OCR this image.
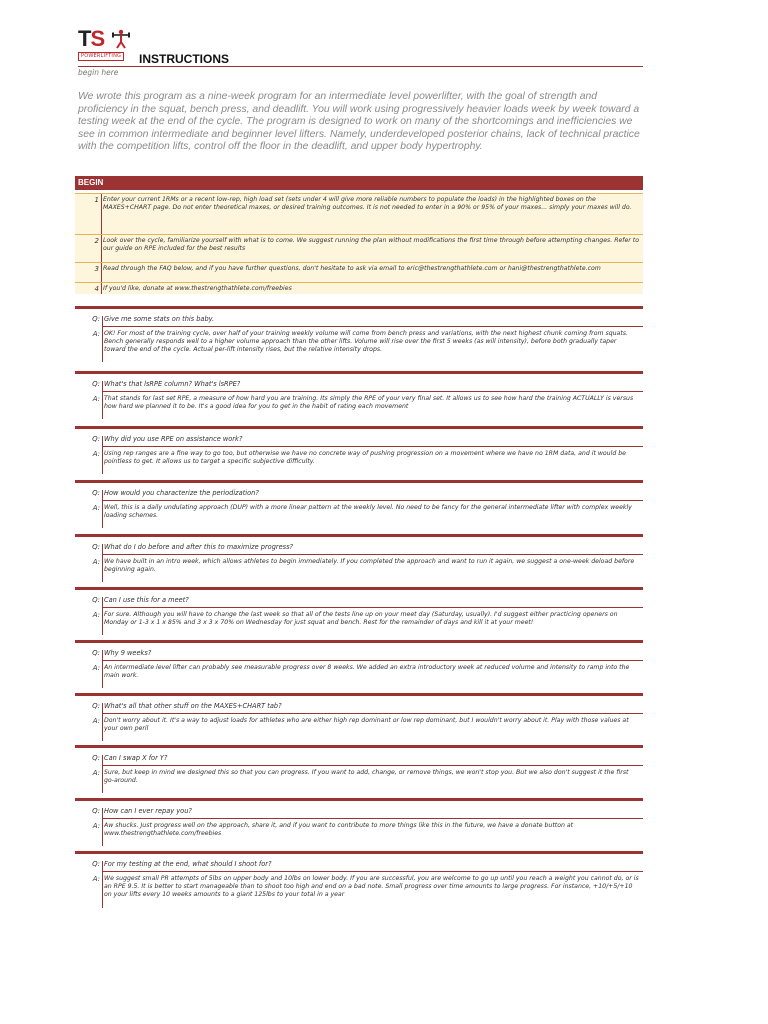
TS
POWERLIFTING INSTRUCTIONS
begin here
We wrote this program as a nine-week program for an intermediate level powerlifter, with the goal of strength and proficiency in the squat, bench press, and deadlift. You will work using progressively heavier loads week by week toward a testing week at the end of the cycle. The program is designed to work on many of the shortcomings and inefficiencies we see in common intermediate and beginner level lifters. Namely, underdeveloped posterior chains, lack of technical practice with the competition lifts, control off the floor in the deadlift, and upper body hypertrophy.
BEGIN
1 Enter your current 1RMs or a recent low-rep, high load set (sets under 4 will give more reliable numbers to populate the loads) in the highlighted boxes on the MAXES+CHART page. Do not enter theoretical maxes, or desired training outcomes. It is not needed to enter in a 90% or 95% of your maxes... simply your maxes will do.
2 Look over the cycle, familiarize yourself with what is to come. We suggest running the plan without modifications the first time through before attempting changes. Refer to our guide on RPE included for the best results
3 Read through the FAQ below, and if you have further questions, don't hesitate to ask via email to eric@thestrengthathlete.com or hani@thestrengthathlete.com
4 If you'd like, donate at www.thestrengthathlete.com/freebies
Q: Give me some stats on this baby.
A: OK! For most of the training cycle, over half of your training weekly volume will come from bench press and variations, with the next highest chunk coming from squats. Bench generally responds well to a higher volume approach than the other lifts. Volume will rise over the first 5 weeks (as will intensity), before both gradually taper toward the end of the cycle. Actual per-lift intensity rises, but the relative intensity drops.
Q: What's that lsRPE column? What's lsRPE?
A: That stands for last set RPE, a measure of how hard you are training. Its simply the RPE of your very final set. It allows us to see how hard the training ACTUALLY is versus how hard we planned it to be. It's a good idea for you to get in the habit of rating each movement
Q: Why did you use RPE on assistance work?
A: Using rep ranges are a fine way to go too, but otherwise we have no concrete way of pushing progression on a movement where we have no 1RM data, and it would be pointless to get. It allows us to target a specific subjective difficulty.
Q: How would you characterize the periodization?
A: Well, this is a daily undulating approach (DUP) with a more linear pattern at the weekly level. No need to be fancy for the general intermediate lifter with complex weekly loading schemes.
Q: What do I do before and after this to maximize progress?
A: We have built in an intro week, which allows athletes to begin immediately. If you completed the approach and want to run it again, we suggest a one-week deload before beginning again.
Q: Can I use this for a meet?
A: For sure. Although you will have to change the last week so that all of the tests line up on your meet day (Saturday, usually). I'd suggest either practicing openers on Monday or 1-3 x 1 x 85% and 3 x 3 x 70% on Wednesday for just squat and bench. Rest for the remainder of days and kill it at your meet!
Q: Why 9 weeks?
A: An intermediate level lifter can probably see measurable progress over 8 weeks. We added an extra introductory week at reduced volume and intensity to ramp into the main work.
Q: What's all that other stuff on the MAXES+CHART tab?
A: Don't worry about it. It's a way to adjust loads for athletes who are either high rep dominant or low rep dominant, but I wouldn't worry about it. Play with those values at your own peril
Q: Can I swap X for Y?
A: Sure, but keep in mind we designed this so that you can progress. If you want to add, change, or remove things, we won't stop you. But we also don't suggest it the first go-around.
Q: How can I ever repay you?
A: Aw shucks. Just progress well on the approach, share it, and if you want to contribute to more things like this in the future, we have a donate button at www.thestrengthathlete.com/freebies
Q: For my testing at the end, what should I shoot for?
A: We suggest small PR attempts of 5lbs on upper body and 10lbs on lower body. If you are successful, you are welcome to go up until you reach a weight you cannot do, or is an RPE 9.5. It is better to start manageable than to shoot too high and end on a bad note. Small progress over time amounts to large progress. For instance, +10/+5/+10 on your lifts every 10 weeks amounts to a giant 125lbs to your total in a year
